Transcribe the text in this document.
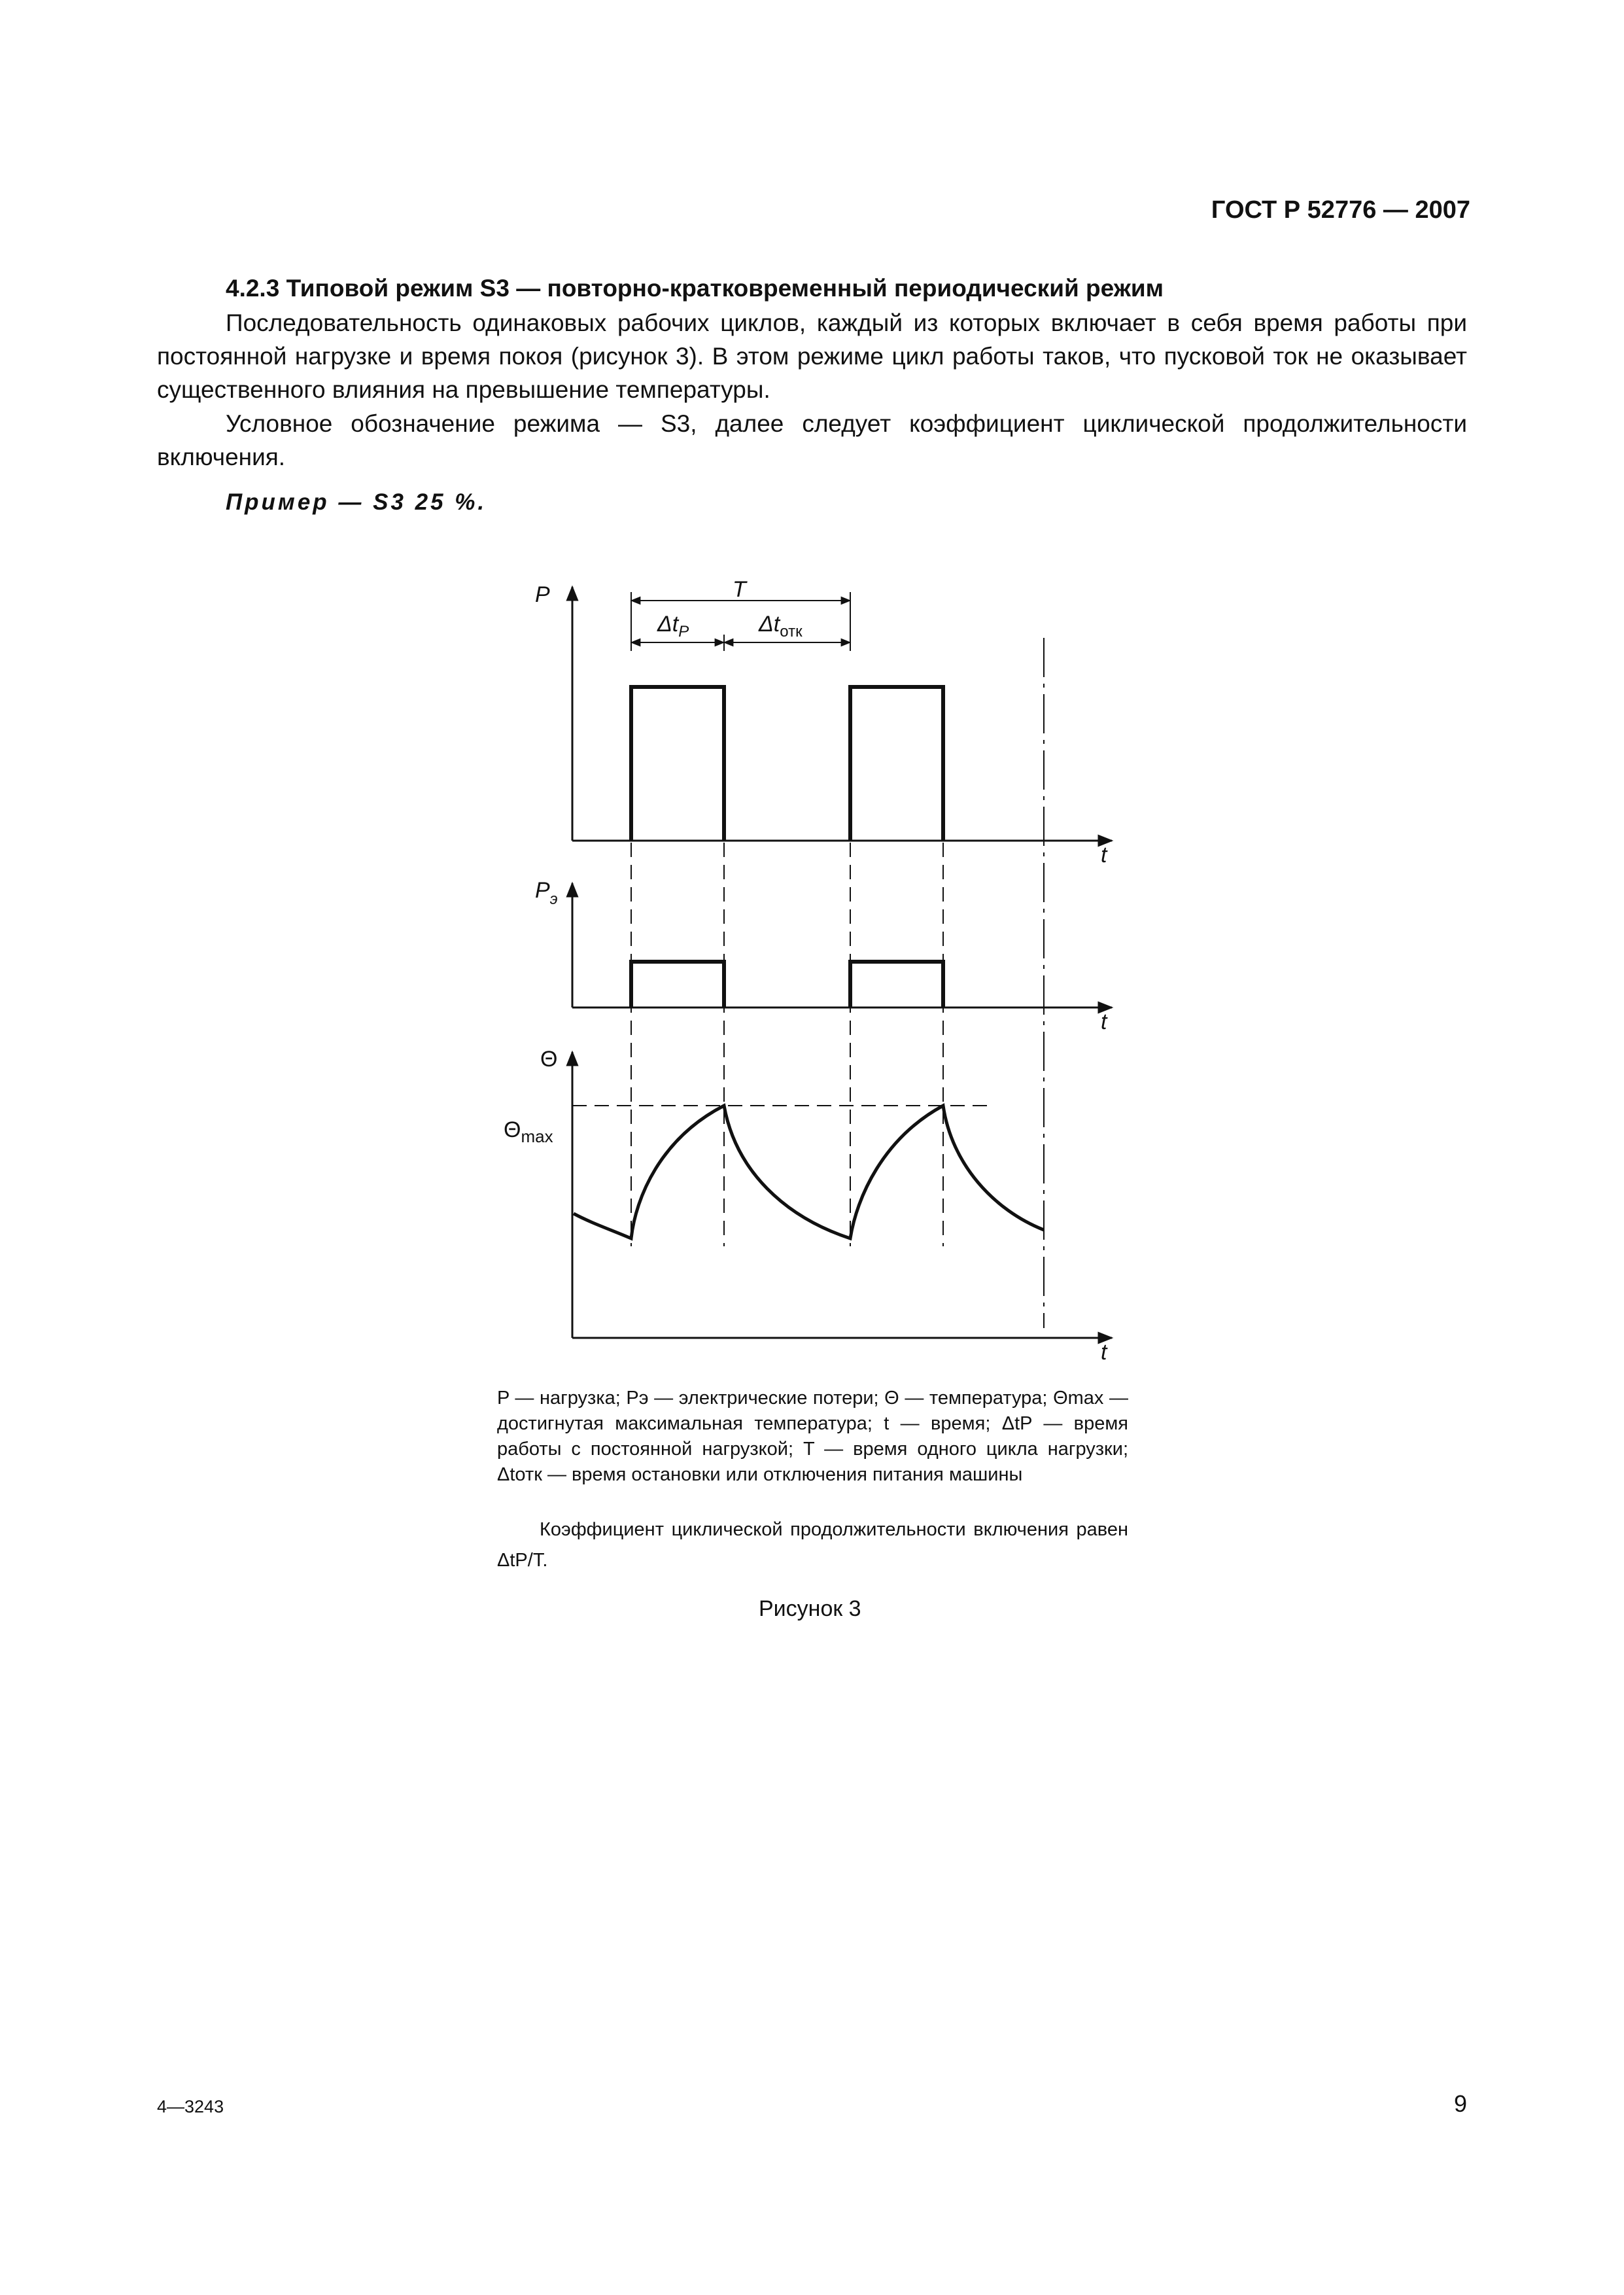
ГОСТ Р 52776 — 2007
4.2.3 Типовой режим S3 — повторно-кратковременный периодический режим

Последовательность одинаковых рабочих циклов, каждый из которых включает в себя время работы при постоянной нагрузке и время покоя (рисунок 3). В этом режиме цикл работы таков, что пусковой ток не оказывает существенного влияния на превышение температуры.

Условное обозначение режима — S3, далее следует коэффициент циклической продолжительности включения.

Пример — S3 25 %.
T
$\Delta t_P$	$\Delta t_{отк}$
P
$P_э$
Θ
$\Theta_{max}$
t
t
t

P — нагрузка; Pэ — электрические потери; Θ — температура; Θmax — достигнутая максимальная температура; t — время; ΔtP — время работы с постоянной нагрузкой; T — время одного цикла нагрузки; Δtотк — время остановки или отключения питания машины

Коэффициент циклической продолжительности включения равен ΔtP/T.

Рисунок 3
4—3243	9
